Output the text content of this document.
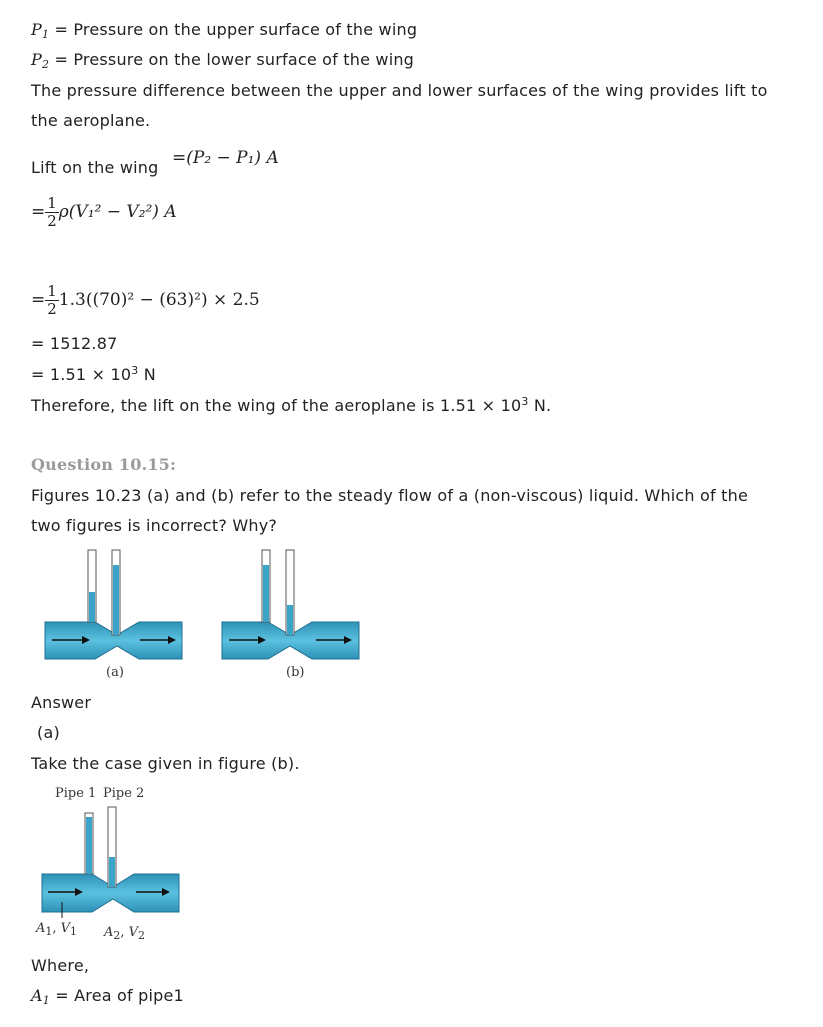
$P_1$ = Pressure on the upper surface of the wing
$P_2$ = Pressure on the lower surface of the wing
The pressure difference between the upper and lower surfaces of the wing provides lift to
the aeroplane.
Lift on the wing =(P₂ − P₁) A
= $\frac{1}{2} \rho(V_1^2 - V_2^2)$ A
= $\frac{1}{2} 1.3((70)^2 - (63)^2) \times 2.5$
= 1512.87
= $1.51 \times 10^3$ N
Therefore, the lift on the wing of the aeroplane is $1.51 \times 10^3$ N.
Question 10.15:
Figures 10.23 (a) and (b) refer to the steady flow of a (non-viscous) liquid. Which of the
two figures is incorrect? Why?
(a)	(b)
Answer
(a)
Take the case given in figure (b).
Pipe 1 Pipe 2
$A_1$, $V_1$ $A_2$, $V_2$
Where,
$A_1$ = Area of pipe1
